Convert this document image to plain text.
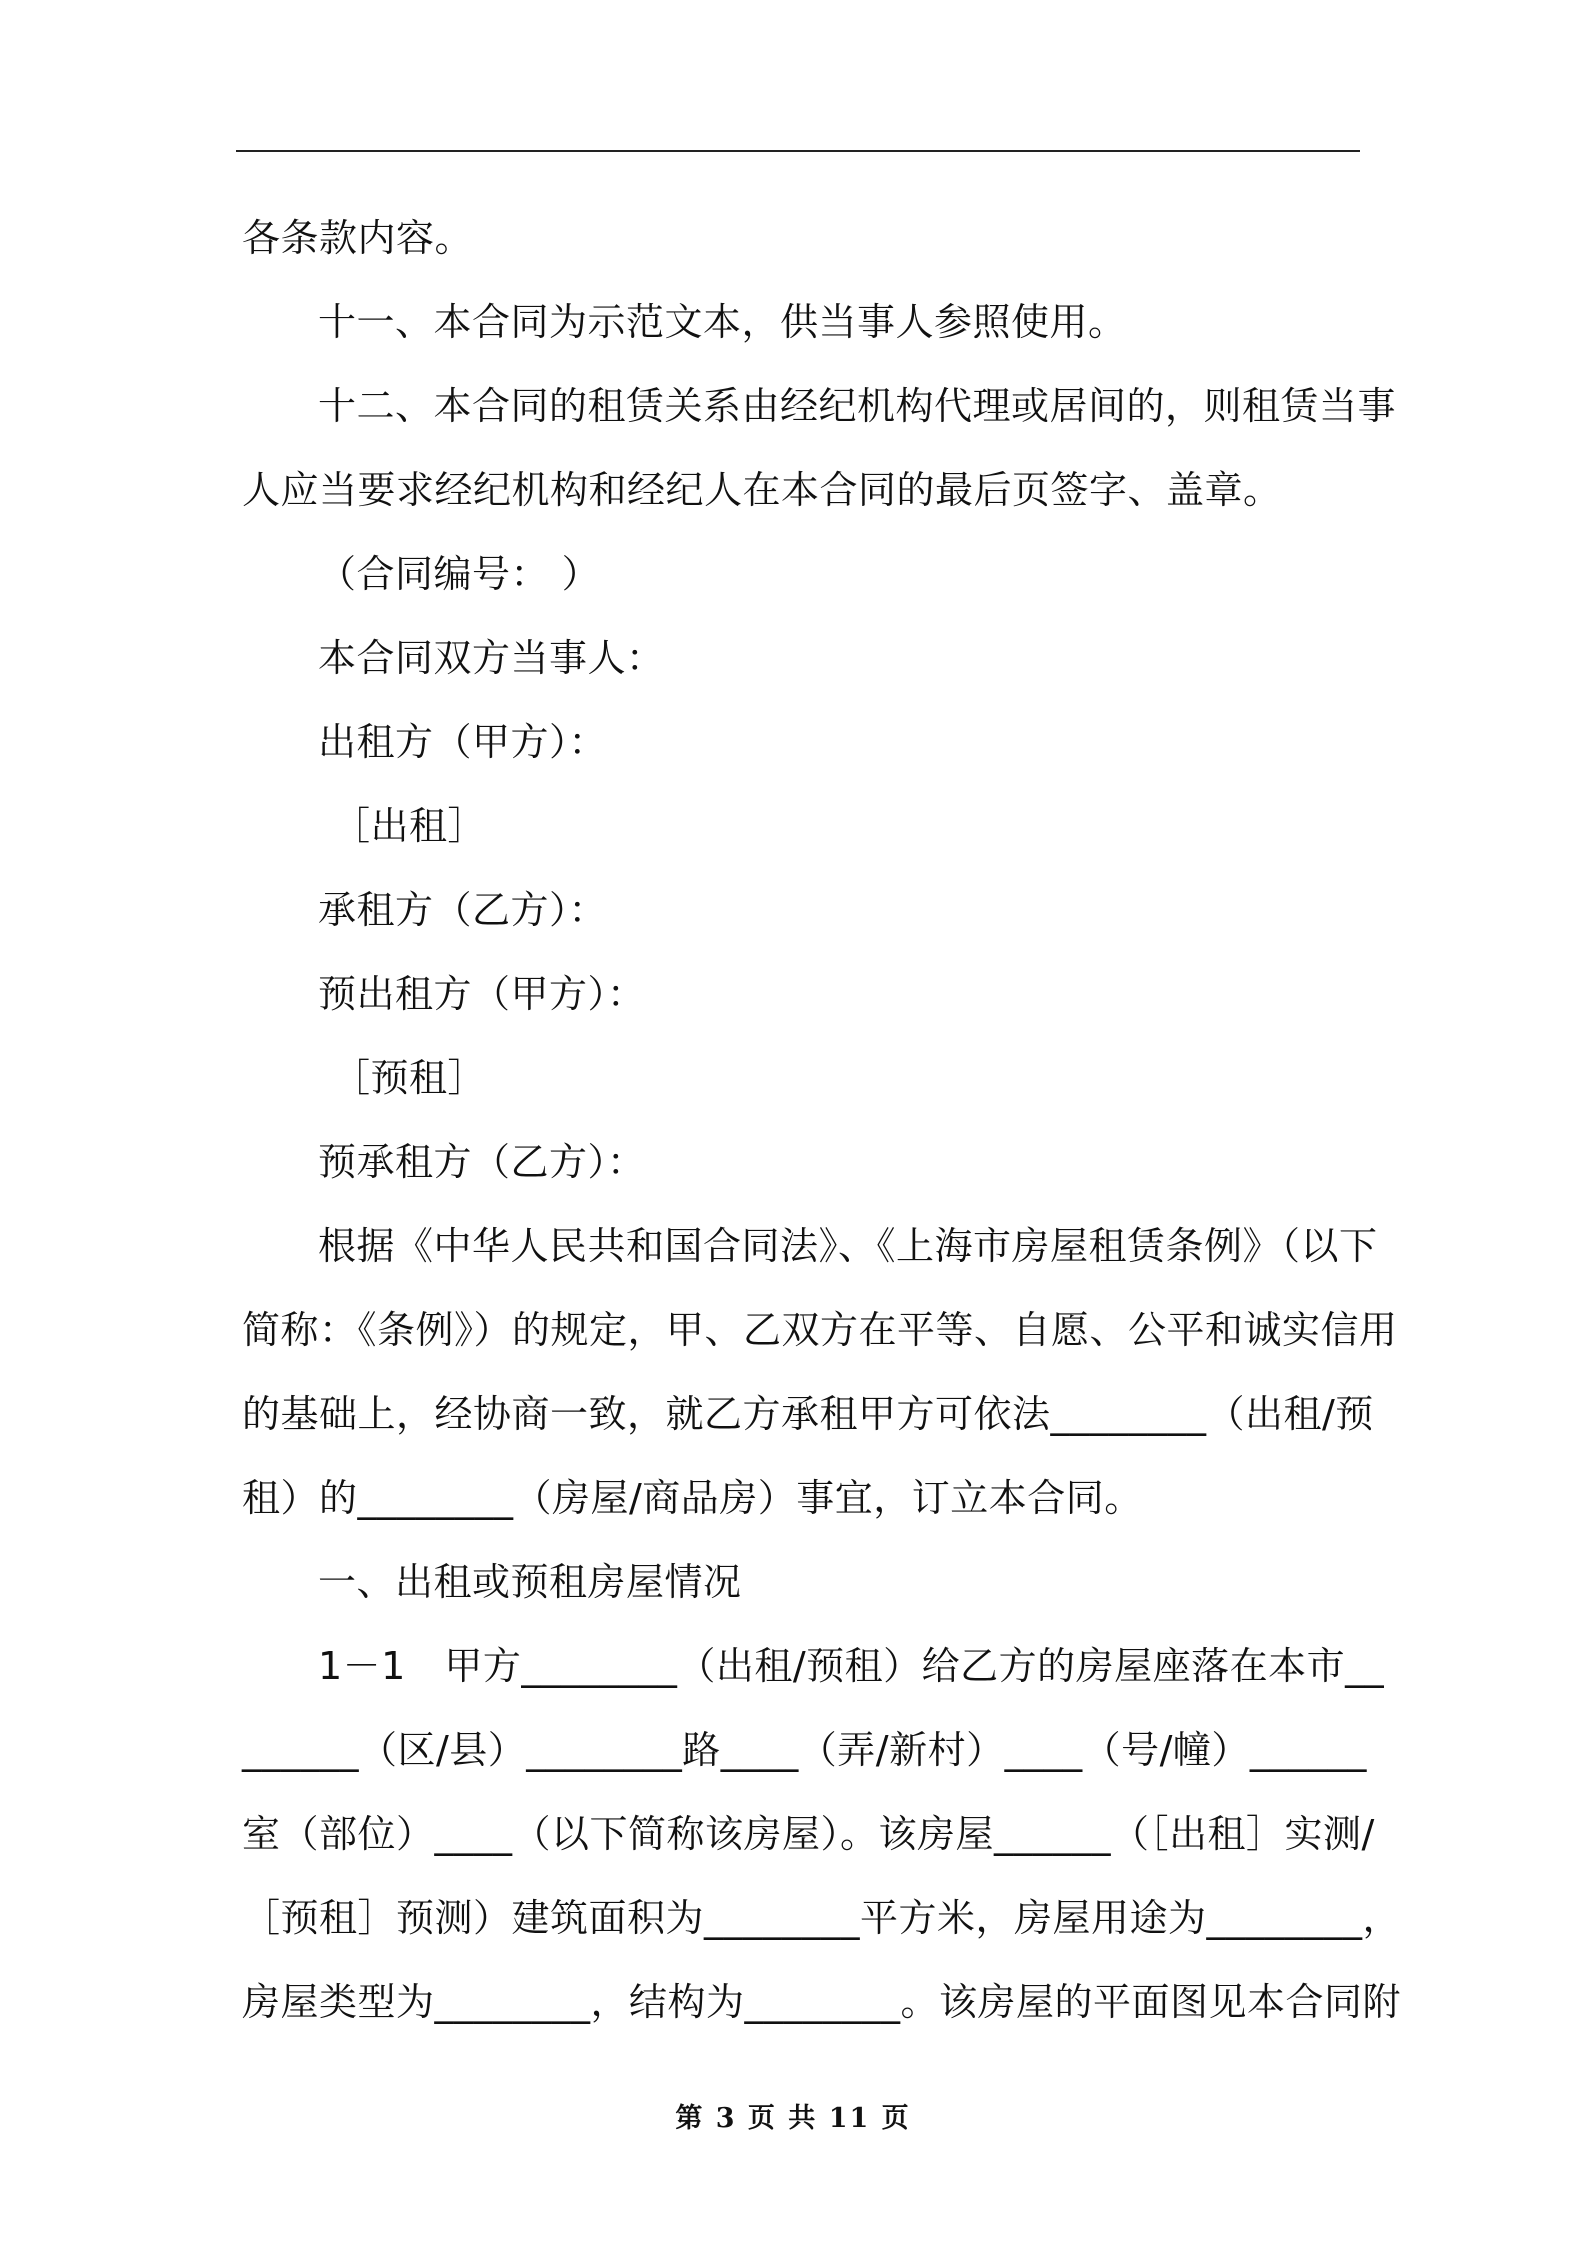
各条款内容。
十一、本合同为示范文本，供当事人参照使用。
十二、本合同的租赁关系由经纪机构代理或居间的，则租赁当事
人应当要求经纪机构和经纪人在本合同的最后页签字、盖章。
（合同编号： ）
本合同双方当事人：
出租方（甲方）：
［出租］
承租方（乙方）：
预出租方（甲方）：
［预租］
预承租方（乙方）：
根据《中华人民共和国合同法》、《上海市房屋租赁条例》（以下
简称：《条例》）的规定，甲、乙双方在平等、自愿、公平和诚实信用
的基础上，经协商一致，就乙方承租甲方可依法________（出租/预
租）的________（房屋/商品房）事宜，订立本合同。
一、出租或预租房屋情况
1－1　甲方________（出租/预租）给乙方的房屋座落在本市__
______（区/县）________路____（弄/新村）____（号/幢）______
室（部位）____（以下简称该房屋）。该房屋______（［出租］实测/
［预租］预测）建筑面积为________平方米，房屋用途为________，
房屋类型为________，结构为________。该房屋的平面图见本合同附
第 3 页 共 11 页
